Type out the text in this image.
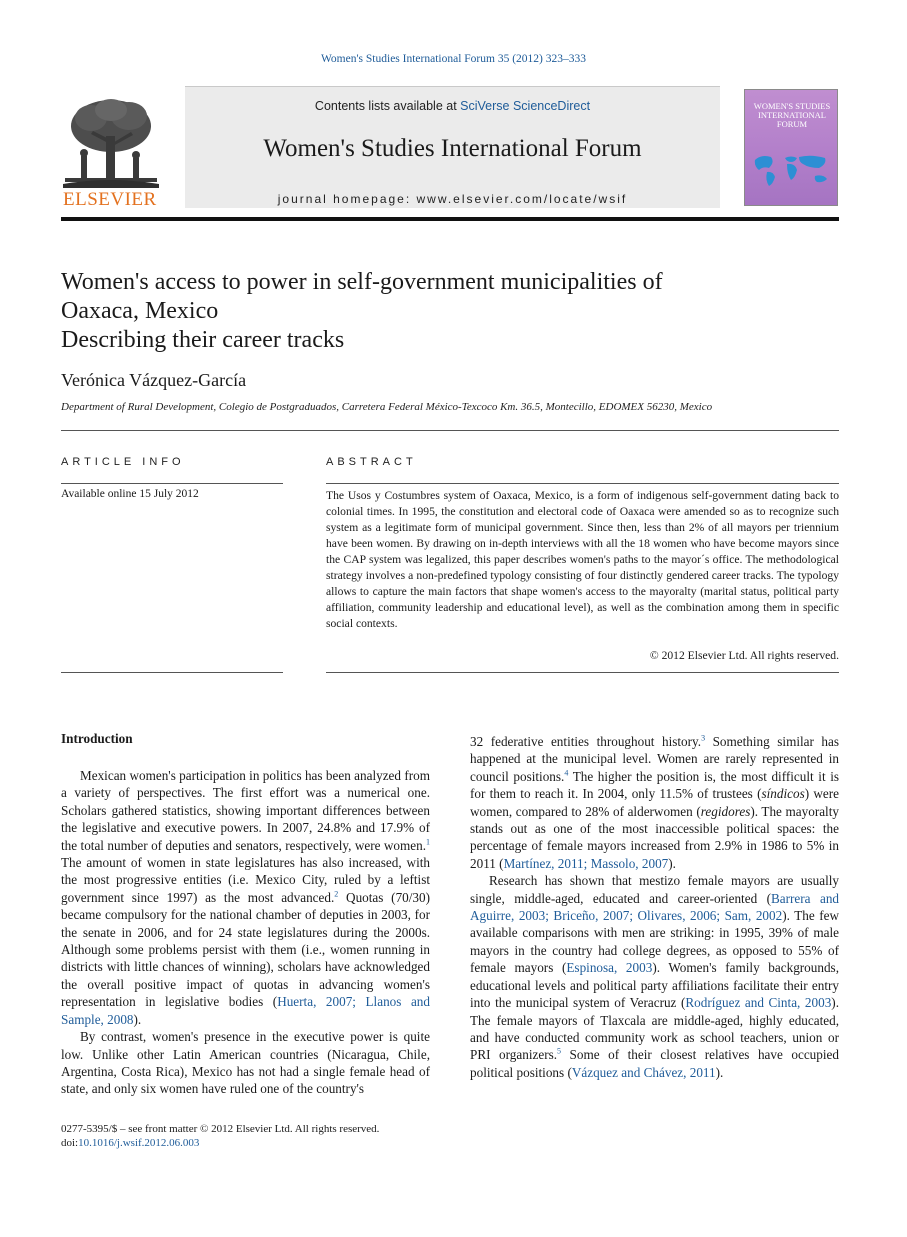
Women's Studies International Forum 35 (2012) 323–333
ELSEVIER
Contents lists available at SciVerse ScienceDirect
Women's Studies International Forum
journal homepage: www.elsevier.com/locate/wsif
WOMEN'S STUDIES INTERNATIONAL FORUM
Women's access to power in self-government municipalities of
Oaxaca, Mexico
Describing their career tracks
Verónica Vázquez-García
Department of Rural Development, Colegio de Postgraduados, Carretera Federal México-Texcoco Km. 36.5, Montecillo, EDOMEX 56230, Mexico
ARTICLE INFO
Available online 15 July 2012
ABSTRACT
The Usos y Costumbres system of Oaxaca, Mexico, is a form of indigenous self-government dating back to colonial times. In 1995, the constitution and electoral code of Oaxaca were amended so as to recognize such system as a legitimate form of municipal government. Since then, less than 2% of all mayors per triennium have been women. By drawing on in-depth interviews with all the 18 women who have become mayors since the CAP system was legalized, this paper describes women's paths to the mayor´s office. The methodological strategy involves a non-predefined typology consisting of four distinctly gendered career tracks. The typology allows to capture the main factors that shape women's access to the mayoralty (marital status, political party affiliation, community leadership and educational level), as well as the combination among them in specific social contexts.
© 2012 Elsevier Ltd. All rights reserved.
Introduction

Mexican women's participation in politics has been analyzed from a variety of perspectives. The first effort was a numerical one. Scholars gathered statistics, showing important differences between the legislative and executive powers. In 2007, 24.8% and 17.9% of the total number of deputies and senators, respectively, were women.$^1$ The amount of women in state legislatures has also increased, with the most progressive entities (i.e. Mexico City, ruled by a leftist government since 1997) as the most advanced.$^2$ Quotas (70/30) became compulsory for the national chamber of deputies in 2003, for the senate in 2006, and for 24 state legislatures during the 2000s. Although some problems persist with them (i.e., women running in districts with little chances of winning), scholars have acknowledged the overall positive impact of quotas in advancing women's representation in legislative bodies (Huerta, 2007; Llanos and Sample, 2008).

By contrast, women's presence in the executive power is quite low. Unlike other Latin American countries (Nicaragua, Chile, Argentina, Costa Rica), Mexico has not had a single female head of state, and only six women have ruled one of the country's

32 federative entities throughout history.$^3$ Something similar has happened at the municipal level. Women are rarely represented in council positions.$^4$ The higher the position is, the most difficult it is for them to reach it. In 2004, only 11.5% of trustees (síndicos) were women, compared to 28% of alderwomen (regidores). The mayoralty stands out as one of the most inaccessible political spaces: the percentage of female mayors increased from 2.9% in 1986 to 5% in 2011 (Martínez, 2011; Massolo, 2007).

Research has shown that mestizo female mayors are usually single, middle-aged, educated and career-oriented (Barrera and Aguirre, 2003; Briceño, 2007; Olivares, 2006; Sam, 2002). The few available comparisons with men are striking: in 1995, 39% of male mayors in the country had college degrees, as opposed to 55% of female mayors (Espinosa, 2003). Women's family backgrounds, educational levels and political party affiliations facilitate their entry into the municipal system of Veracruz (Rodríguez and Cinta, 2003). The female mayors of Tlaxcala are middle-aged, highly educated, and have conducted community work as school teachers, union or PRI organizers.$^5$ Some of their closest relatives have occupied political positions (Vázquez and Chávez, 2011).

0277-5395/$ – see front matter © 2012 Elsevier Ltd. All rights reserved.
doi:10.1016/j.wsif.2012.06.003
